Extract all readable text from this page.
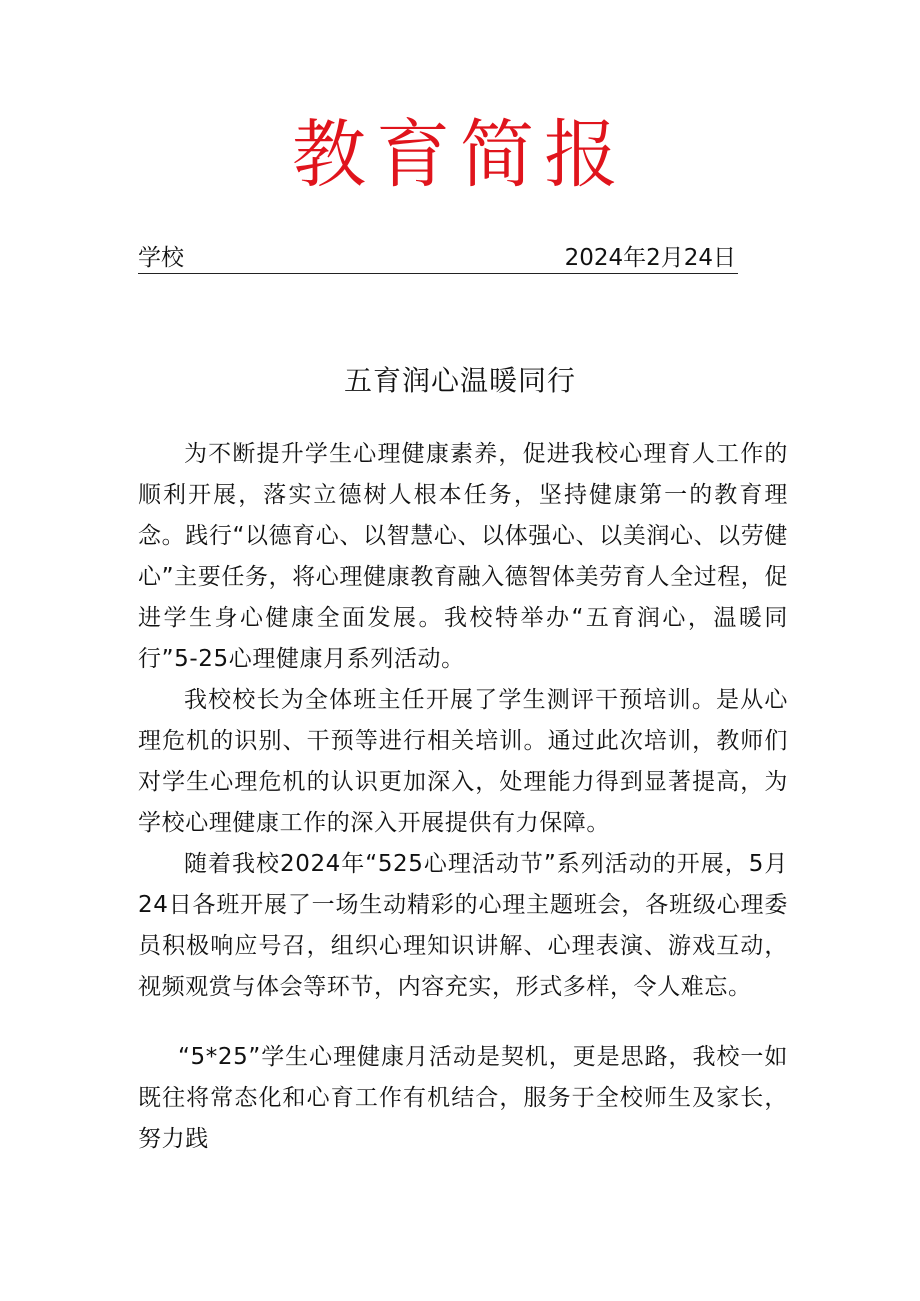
教育简报
学校	2024年2月24日
五育润心温暖同行

为不断提升学生心理健康素养，促进我校心理育人工作的顺利开展，落实立德树人根本任务，坚持健康第一的教育理念。践行“以德育心、以智慧心、以体强心、以美润心、以劳健心”主要任务，将心理健康教育融入德智体美劳育人全过程，促进学生身心健康全面发展。我校特举办“五育润心，温暖同行”5-25心理健康月系列活动。

我校校长为全体班主任开展了学生测评干预培训。是从心理危机的识别、干预等进行相关培训。通过此次培训，教师们对学生心理危机的认识更加深入，处理能力得到显著提高，为学校心理健康工作的深入开展提供有力保障。

随着我校2024年“525心理活动节”系列活动的开展，5月24日各班开展了一场生动精彩的心理主题班会，各班级心理委员积极响应号召，组织心理知识讲解、心理表演、游戏互动，视频观赏与体会等环节，内容充实，形式多样，令人难忘。

“5*25”学生心理健康月活动是契机，更是思路，我校一如既往将常态化和心育工作有机结合，服务于全校师生及家长，努力践
